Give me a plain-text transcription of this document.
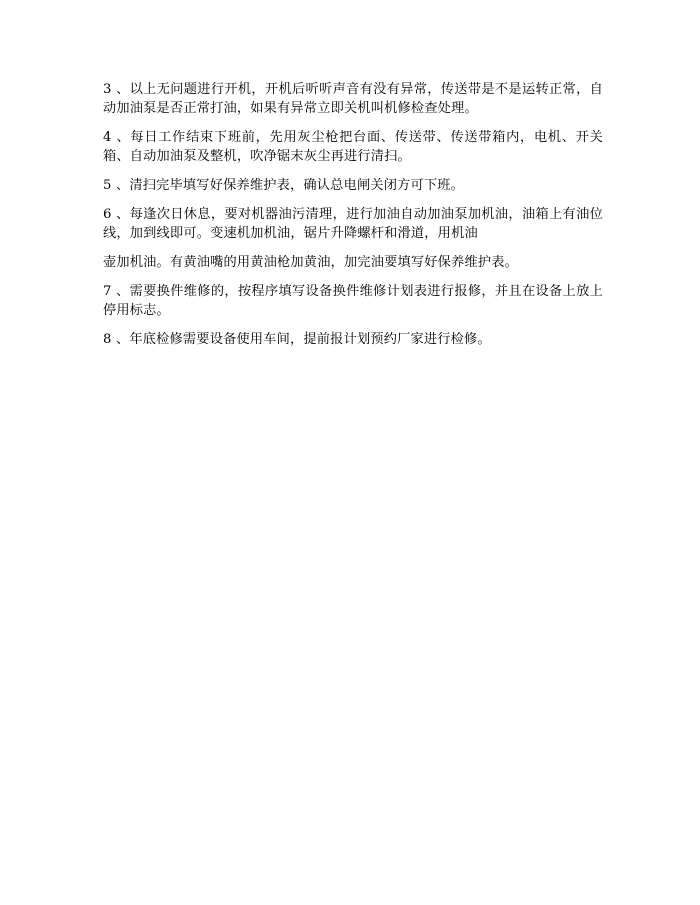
3 、以上无问题进行开机，开机后听听声音有没有异常，传送带是不是运转正常，自动加油泵是否正常打油，如果有异常立即关机叫机修检查处理。

4 、每日工作结束下班前，先用灰尘枪把台面、传送带、传送带箱内，电机、开关箱、自动加油泵及整机，吹净锯末灰尘再进行清扫。

5 、清扫完毕填写好保养维护表，确认总电闸关闭方可下班。

6 、每逢次日休息，要对机器油污清理，进行加油自动加油泵加机油，油箱上有油位线，加到线即可。变速机加机油，锯片升降螺杆和滑道，用机油

壶加机油。有黄油嘴的用黄油枪加黄油，加完油要填写好保养维护表。

7 、需要换件维修的，按程序填写设备换件维修计划表进行报修，并且在设备上放上停用标志。

8 、年底检修需要设备使用车间，提前报计划预约厂家进行检修。
